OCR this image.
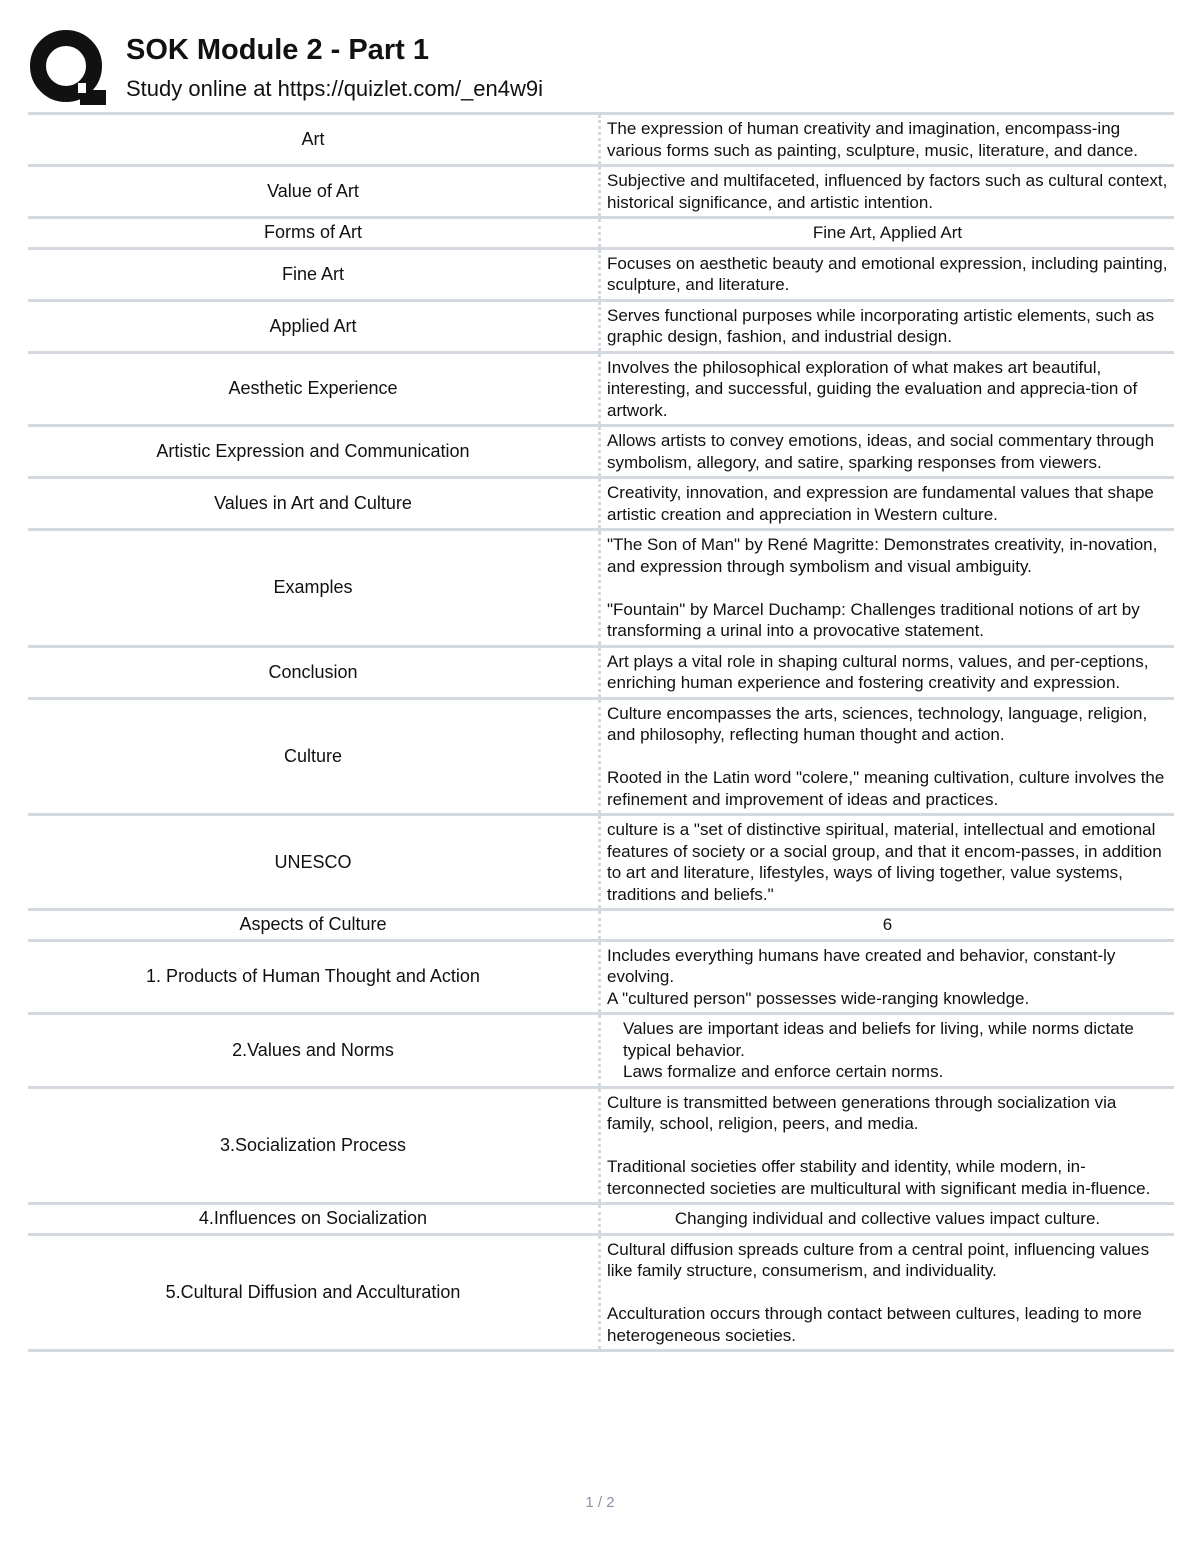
SOK Module 2 - Part 1
Study online at https://quizlet.com/_en4w9i
Art	The expression of human creativity and imagination, encompass-ing various forms such as painting, sculpture, music, literature, and dance.

Value of Art	Subjective and multifaceted, influenced by factors such as cultural context, historical significance, and artistic intention.

Forms of Art	Fine Art, Applied Art

Fine Art	Focuses on aesthetic beauty and emotional expression, including painting, sculpture, and literature.

Applied Art	Serves functional purposes while incorporating artistic elements, such as graphic design, fashion, and industrial design.

Aesthetic Experience	Involves the philosophical exploration of what makes art beautiful, interesting, and successful, guiding the evaluation and apprecia-tion of artwork.

Artistic Expression and Communication	Allows artists to convey emotions, ideas, and social commentary through symbolism, allegory, and satire, sparking responses from viewers.

Values in Art and Culture	Creativity, innovation, and expression are fundamental values that shape artistic creation and appreciation in Western culture.

Examples	"The Son of Man" by René Magritte: Demonstrates creativity, in-novation, and expression through symbolism and visual ambiguity.

"Fountain" by Marcel Duchamp: Challenges traditional notions of art by transforming a urinal into a provocative statement.

Conclusion	Art plays a vital role in shaping cultural norms, values, and per-ceptions, enriching human experience and fostering creativity and expression.

Culture	Culture encompasses the arts, sciences, technology, language, religion, and philosophy, reflecting human thought and action.

Rooted in the Latin word "colere," meaning cultivation, culture involves the refinement and improvement of ideas and practices.

UNESCO	culture is a "set of distinctive spiritual, material, intellectual and emotional features of society or a social group, and that it encom-passes, in addition to art and literature, lifestyles, ways of living together, value systems, traditions and beliefs."

Aspects of Culture	6

1. Products of Human Thought and Action	Includes everything humans have created and behavior, constant-ly evolving.
A "cultured person" possesses wide-ranging knowledge.

2.Values and Norms	Values are important ideas and beliefs for living, while norms dictate typical behavior.
Laws formalize and enforce certain norms.

3.Socialization Process	Culture is transmitted between generations through socialization via family, school, religion, peers, and media.

Traditional societies offer stability and identity, while modern, in-terconnected societies are multicultural with significant media in-fluence.

4.Influences on Socialization	Changing individual and collective values impact culture.

5.Cultural Diffusion and Acculturation	Cultural diffusion spreads culture from a central point, influencing values like family structure, consumerism, and individuality.

Acculturation occurs through contact between cultures, leading to more heterogeneous societies.

1 / 2
